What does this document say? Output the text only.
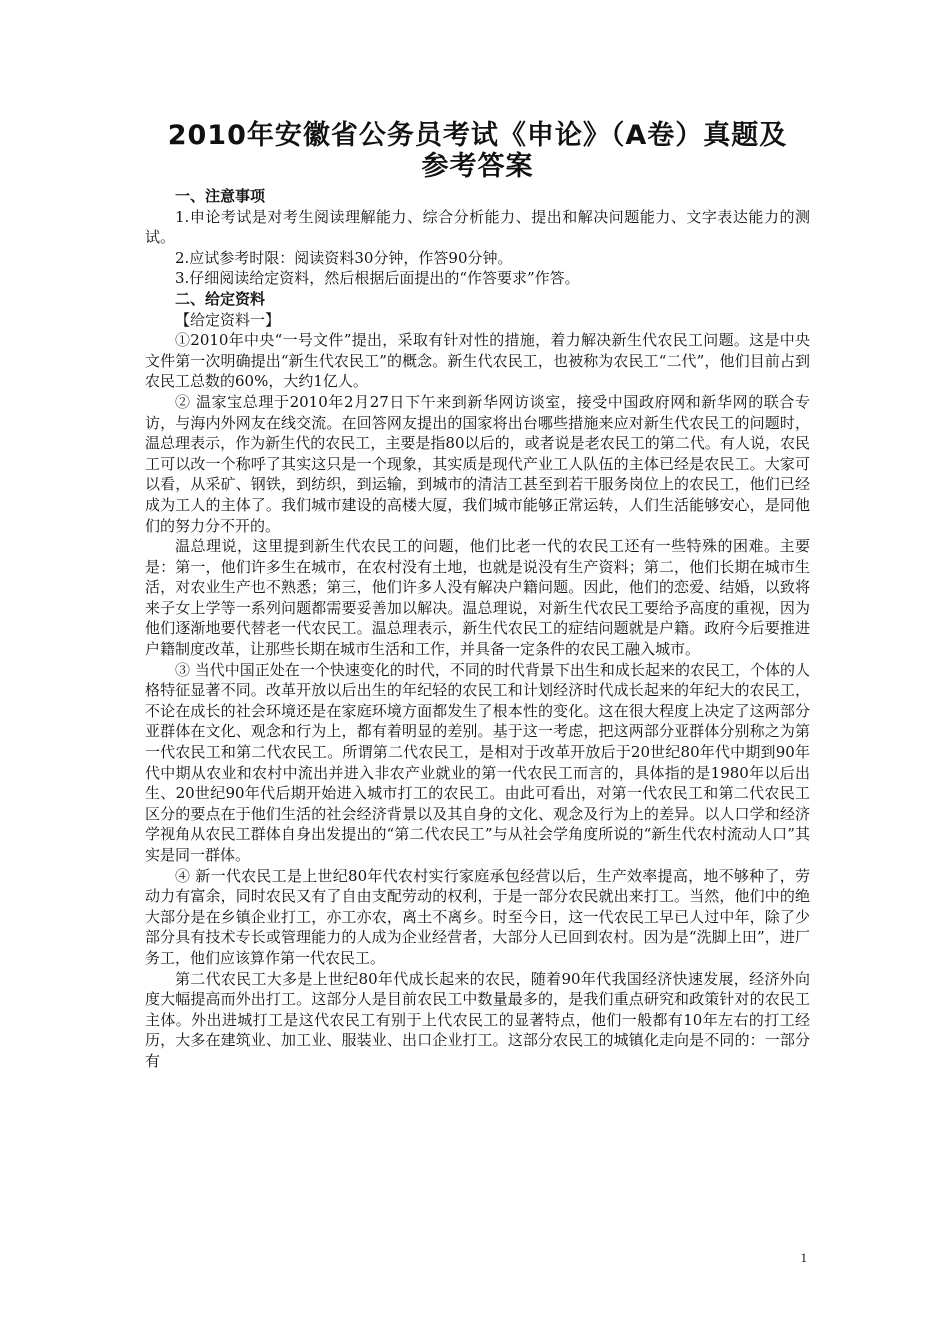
2010年安徽省公务员考试《申论》（A卷）真题及
参考答案

一、注意事项

1.申论考试是对考生阅读理解能力、综合分析能力、提出和解决问题能力、文字表达能力的测试。

2.应试参考时限：阅读资料30分钟，作答90分钟。

3.仔细阅读给定资料，然后根据后面提出的“作答要求”作答。

二、给定资料

【给定资料一】

①2010年中央“一号文件”提出，采取有针对性的措施，着力解决新生代农民工问题。这是中央文件第一次明确提出“新生代农民工”的概念。新生代农民工，也被称为农民工“二代”，他们目前占到农民工总数的60%，大约1亿人。

② 温家宝总理于2010年2月27日下午来到新华网访谈室，接受中国政府网和新华网的联合专访，与海内外网友在线交流。在回答网友提出的国家将出台哪些措施来应对新生代农民工的问题时，温总理表示，作为新生代的农民工，主要是指80以后的，或者说是老农民工的第二代。有人说，农民工可以改一个称呼了其实这只是一个现象，其实质是现代产业工人队伍的主体已经是农民工。大家可以看，从采矿、钢铁，到纺织，到运输，到城市的清洁工甚至到若干服务岗位上的农民工，他们已经成为工人的主体了。我们城市建设的高楼大厦，我们城市能够正常运转，人们生活能够安心，是同他们的努力分不开的。

温总理说，这里提到新生代农民工的问题，他们比老一代的农民工还有一些特殊的困难。主要是：第一，他们许多生在城市，在农村没有土地，也就是说没有生产资料；第二，他们长期在城市生活，对农业生产也不熟悉；第三，他们许多人没有解决户籍问题。因此，他们的恋爱、结婚，以致将来子女上学等一系列问题都需要妥善加以解决。温总理说，对新生代农民工要给予高度的重视，因为他们逐渐地要代替老一代农民工。温总理表示，新生代农民工的症结问题就是户籍。政府今后要推进户籍制度改革，让那些长期在城市生活和工作，并具备一定条件的农民工融入城市。

③ 当代中国正处在一个快速变化的时代，不同的时代背景下出生和成长起来的农民工，个体的人格特征显著不同。改革开放以后出生的年纪轻的农民工和计划经济时代成长起来的年纪大的农民工，不论在成长的社会环境还是在家庭环境方面都发生了根本性的变化。这在很大程度上决定了这两部分亚群体在文化、观念和行为上，都有着明显的差别。基于这一考虑，把这两部分亚群体分别称之为第一代农民工和第二代农民工。所谓第二代农民工，是相对于改革开放后于20世纪80年代中期到90年代中期从农业和农村中流出并进入非农产业就业的第一代农民工而言的，具体指的是1980年以后出生、20世纪90年代后期开始进入城市打工的农民工。由此可看出，对第一代农民工和第二代农民工区分的要点在于他们生活的社会经济背景以及其自身的文化、观念及行为上的差异。以人口学和经济学视角从农民工群体自身出发提出的“第二代农民工”与从社会学角度所说的“新生代农村流动人口”其实是同一群体。

④ 新一代农民工是上世纪80年代农村实行家庭承包经营以后，生产效率提高，地不够种了，劳动力有富余，同时农民又有了自由支配劳动的权利，于是一部分农民就出来打工。当然，他们中的绝大部分是在乡镇企业打工，亦工亦农，离土不离乡。时至今日，这一代农民工早已人过中年，除了少部分具有技术专长或管理能力的人成为企业经营者，大部分人已回到农村。因为是“洗脚上田”，进厂务工，他们应该算作第一代农民工。

第二代农民工大多是上世纪80年代成长起来的农民，随着90年代我国经济快速发展，经济外向度大幅提高而外出打工。这部分人是目前农民工中数量最多的，是我们重点研究和政策针对的农民工主体。外出进城打工是这代农民工有别于上代农民工的显著特点，他们一般都有10年左右的打工经历，大多在建筑业、加工业、服装业、出口企业打工。这部分农民工的城镇化走向是不同的：一部分有

1
